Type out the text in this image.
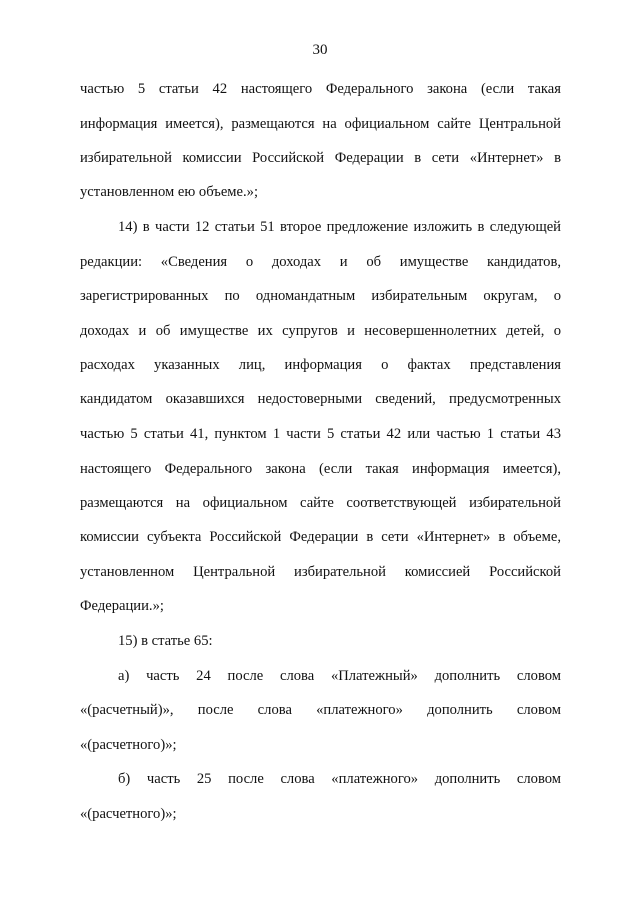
30
частью 5 статьи 42 настоящего Федерального закона (если такая
информация имеется), размещаются на официальном сайте Центральной
избирательной комиссии Российской Федерации в сети «Интернет» в
установленном ею объеме.»;
14) в части 12 статьи 51 второе предложение изложить в следующей
редакции: «Сведения о доходах и об имуществе кандидатов,
зарегистрированных по одномандатным избирательным округам, о
доходах и об имуществе их супругов и несовершеннолетних детей, о
расходах указанных лиц, информация о фактах представления
кандидатом оказавшихся недостоверными сведений, предусмотренных
частью 5 статьи 41, пунктом 1 части 5 статьи 42 или частью 1 статьи 43
настоящего Федерального закона (если такая информация имеется),
размещаются на официальном сайте соответствующей избирательной
комиссии субъекта Российской Федерации в сети «Интернет» в объеме,
установленном Центральной избирательной комиссией Российской
Федерации.»;
15) в статье 65:
а) часть 24 после слова «Платежный» дополнить словом
«(расчетный)», после слова «платежного» дополнить словом
«(расчетного)»;
б) часть 25 после слова «платежного» дополнить словом
«(расчетного)»;
